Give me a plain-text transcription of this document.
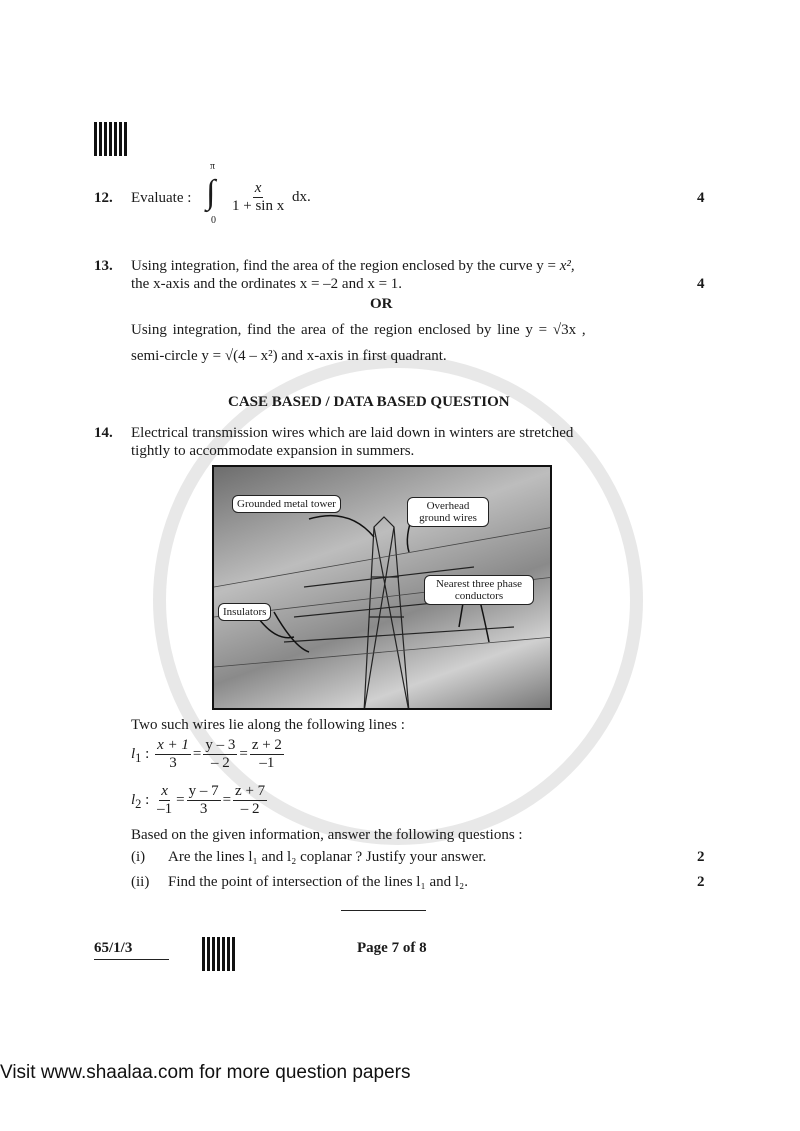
12. Evaluate :
π
∫
0
$\frac{x}{\text{1 + sin x}}$ dx.	4
13. Using integration, find the area of the region enclosed by the curve y = x²,
the x-axis and the ordinates x = –2 and x = 1.	4
OR
Using integration, find the area of the region enclosed by line y = √3x ,
semi-circle y = √(4 – x²) and x-axis in first quadrant.
CASE BASED / DATA BASED QUESTION
14. Electrical transmission wires which are laid down in winters are stretched
tightly to accommodate expansion in summers.
Grounded metal tower	Overhead ground wires
Nearest three phase conductors
Insulators
Two such wires lie along the following lines :
$l_1$ : $\frac{x + 1}{3} = \frac{y - 3}{- 2} = \frac{z + 2}{-1}$
$l_2$ : $\frac{x}{-1} = \frac{y - 7}{3} = \frac{z + 7}{- 2}$
Based on the given information, answer the following questions :
(i) Are the lines l₁ and l₂ coplanar ? Justify your answer.	2
(ii) Find the point of intersection of the lines l₁ and l₂.	2
65/1/3	Page 7 of 8
Visit www.shaalaa.com for more question papers
